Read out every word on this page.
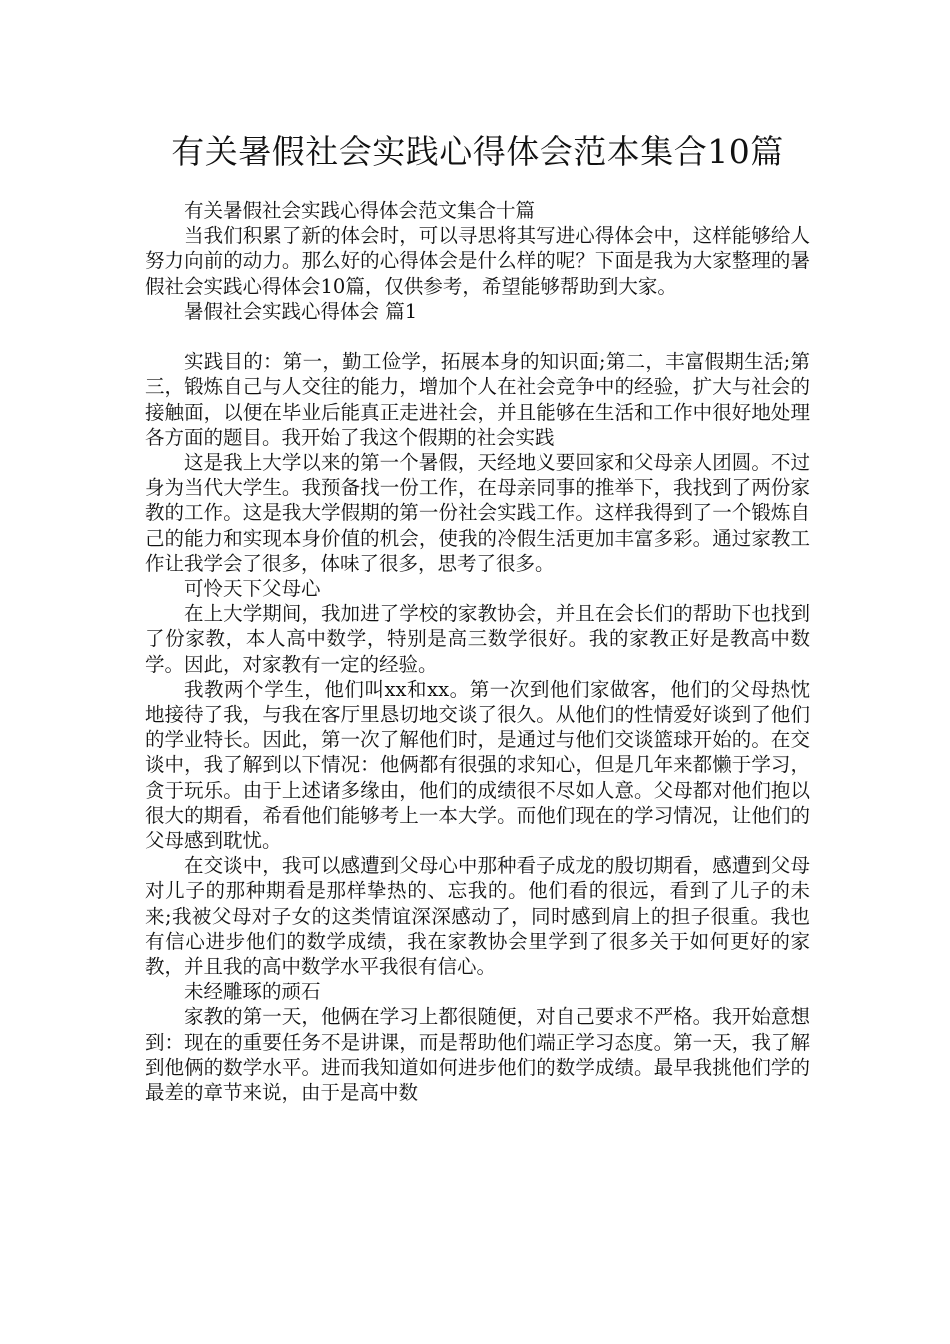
有关暑假社会实践心得体会范本集合10篇

有关暑假社会实践心得体会范文集合十篇

当我们积累了新的体会时，可以寻思将其写进心得体会中，这样能够给人努力向前的动力。那么好的心得体会是什么样的呢？下面是我为大家整理的暑假社会实践心得体会10篇，仅供参考，希望能够帮助到大家。

暑假社会实践心得体会 篇1

实践目的：第一，勤工俭学，拓展本身的知识面;第二，丰富假期生活;第三，锻炼自己与人交往的能力，增加个人在社会竞争中的经验，扩大与社会的接触面，以便在毕业后能真正走进社会，并且能够在生活和工作中很好地处理各方面的题目。我开始了我这个假期的社会实践

这是我上大学以来的第一个暑假，天经地义要回家和父母亲人团圆。不过身为当代大学生。我预备找一份工作，在母亲同事的推举下，我找到了两份家教的工作。这是我大学假期的第一份社会实践工作。这样我得到了一个锻炼自己的能力和实现本身价值的机会，使我的冷假生活更加丰富多彩。通过家教工作让我学会了很多，体味了很多，思考了很多。

可怜天下父母心

在上大学期间，我加进了学校的家教协会，并且在会长们的帮助下也找到了份家教，本人高中数学，特别是高三数学很好。我的家教正好是教高中数学。因此，对家教有一定的经验。

我教两个学生，他们叫xx和xx。第一次到他们家做客，他们的父母热忱地接待了我，与我在客厅里恳切地交谈了很久。从他们的性情爱好谈到了他们的学业特长。因此，第一次了解他们时，是通过与他们交谈篮球开始的。在交谈中，我了解到以下情况：他俩都有很强的求知心，但是几年来都懒于学习，贪于玩乐。由于上述诸多缘由，他们的成绩很不尽如人意。父母都对他们抱以很大的期看，希看他们能够考上一本大学。而他们现在的学习情况，让他们的父母感到耽忧。

在交谈中，我可以感遭到父母心中那种看子成龙的殷切期看，感遭到父母对儿子的那种期看是那样挚热的、忘我的。他们看的很远，看到了儿子的未来;我被父母对子女的这类情谊深深感动了，同时感到肩上的担子很重。我也有信心进步他们的数学成绩，我在家教协会里学到了很多关于如何更好的家教，并且我的高中数学水平我很有信心。

未经雕琢的顽石

家教的第一天，他俩在学习上都很随便，对自己要求不严格。我开始意想到：现在的重要任务不是讲课，而是帮助他们端正学习态度。第一天，我了解到他俩的数学水平。进而我知道如何进步他们的数学成绩。最早我挑他们学的最差的章节来说，由于是高中数
